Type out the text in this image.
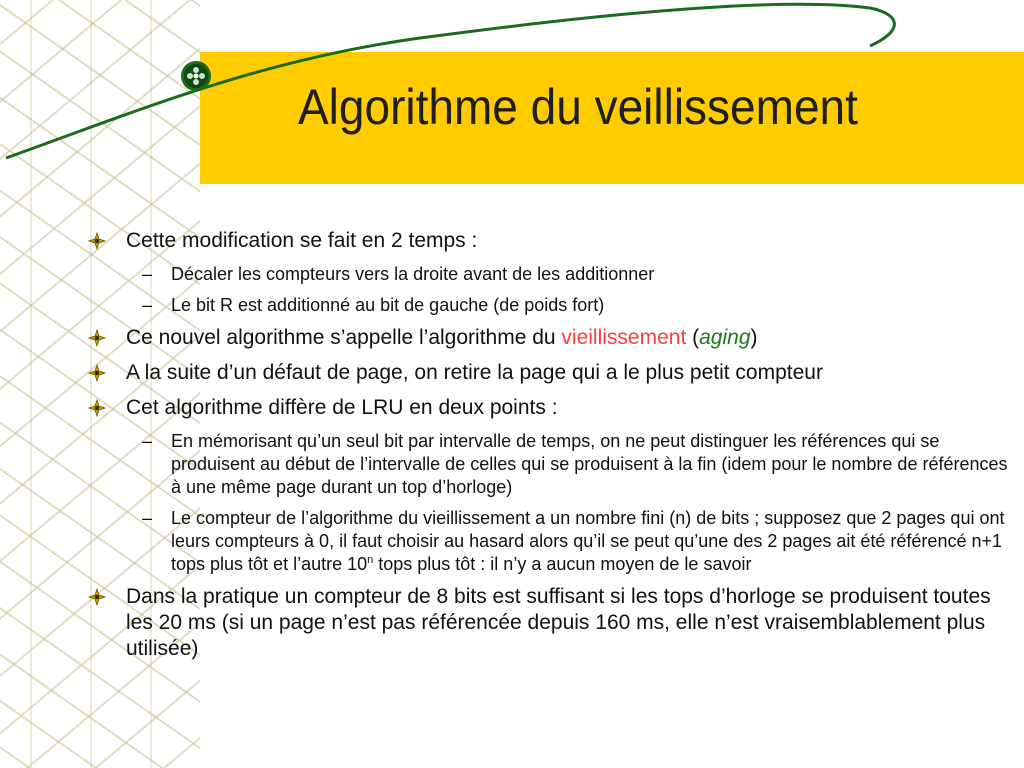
Algorithme du veillissement
Cette modification se fait en 2 temps :
– Décaler les compteurs vers la droite avant de les additionner
– Le bit R est additionné au bit de gauche (de poids fort)
Ce nouvel algorithme s’appelle l’algorithme du vieillissement (aging)
A la suite d’un défaut de page, on retire la page qui a le plus petit compteur
Cet algorithme diffère de LRU en deux points :
– En mémorisant qu’un seul bit par intervalle de temps, on ne peut distinguer les références qui se produisent au début de l’intervalle de celles qui se produisent à la fin (idem pour le nombre de références à une même page durant un top d’horloge)
– Le compteur de l’algorithme du vieillissement a un nombre fini (n) de bits ; supposez que 2 pages qui ont leurs compteurs à 0, il faut choisir au hasard alors qu’il se peut qu’une des 2 pages ait été référencé n+1 tops plus tôt et l’autre 10$^n$ tops plus tôt : il n’y a aucun moyen de le savoir
Dans la pratique un compteur de 8 bits est suffisant si les tops d’horloge se produisent toutes les 20 ms (si un page n’est pas référencée depuis 160 ms, elle n’est vraisemblablement plus utilisée)
